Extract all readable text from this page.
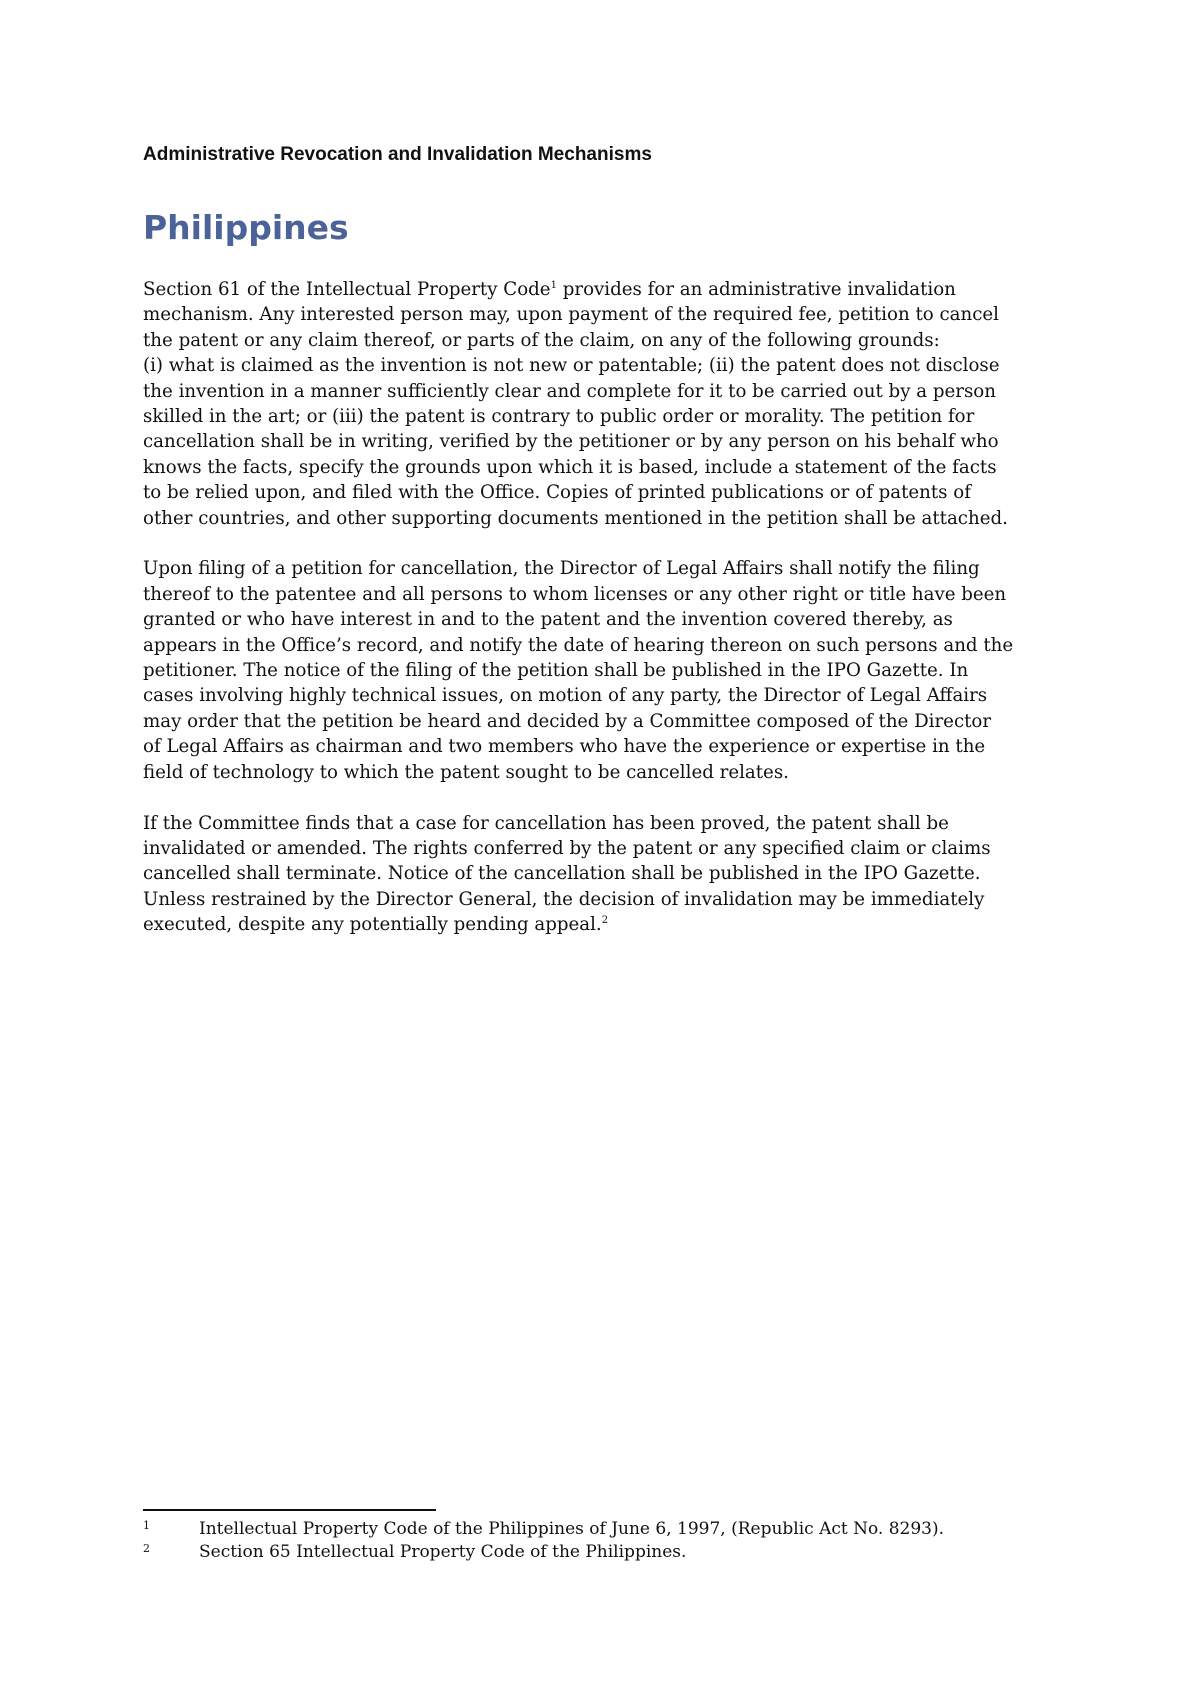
Administrative Revocation and Invalidation Mechanisms
Philippines
Section 61 of the Intellectual Property Code$^1$ provides for an administrative invalidation
mechanism. Any interested person may, upon payment of the required fee, petition to cancel
the patent or any claim thereof, or parts of the claim, on any of the following grounds:
(i) what is claimed as the invention is not new or patentable; (ii) the patent does not disclose
the invention in a manner sufficiently clear and complete for it to be carried out by a person
skilled in the art; or (iii) the patent is contrary to public order or morality. The petition for
cancellation shall be in writing, verified by the petitioner or by any person on his behalf who
knows the facts, specify the grounds upon which it is based, include a statement of the facts
to be relied upon, and filed with the Office. Copies of printed publications or of patents of
other countries, and other supporting documents mentioned in the petition shall be attached.
Upon filing of a petition for cancellation, the Director of Legal Affairs shall notify the filing
thereof to the patentee and all persons to whom licenses or any other right or title have been
granted or who have interest in and to the patent and the invention covered thereby, as
appears in the Office’s record, and notify the date of hearing thereon on such persons and the
petitioner. The notice of the filing of the petition shall be published in the IPO Gazette. In
cases involving highly technical issues, on motion of any party, the Director of Legal Affairs
may order that the petition be heard and decided by a Committee composed of the Director
of Legal Affairs as chairman and two members who have the experience or expertise in the
field of technology to which the patent sought to be cancelled relates.
If the Committee finds that a case for cancellation has been proved, the patent shall be
invalidated or amended. The rights conferred by the patent or any specified claim or claims
cancelled shall terminate. Notice of the cancellation shall be published in the IPO Gazette.
Unless restrained by the Director General, the decision of invalidation may be immediately
executed, despite any potentially pending appeal.$^2$
1	Intellectual Property Code of the Philippines of June 6, 1997, (Republic Act No. 8293).
2	Section 65 Intellectual Property Code of the Philippines.
